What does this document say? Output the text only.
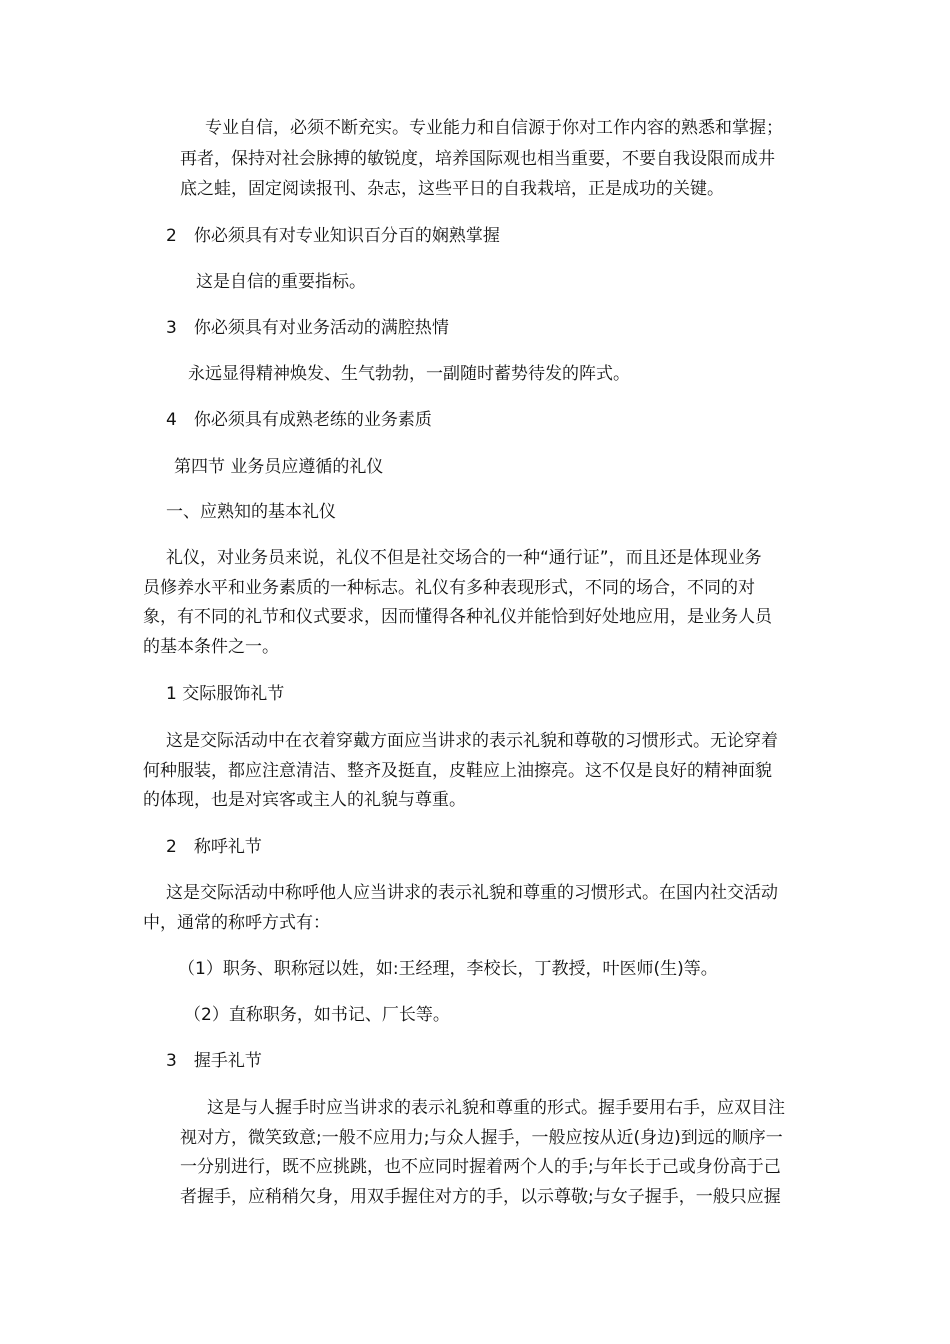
专业自信，必须不断充实。专业能力和自信源于你对工作内容的熟悉和掌握；
再者，保持对社会脉搏的敏锐度，培养国际观也相当重要，不要自我设限而成井
底之蛙，固定阅读报刊、杂志，这些平日的自我栽培，正是成功的关键。
2　你必须具有对专业知识百分百的娴熟掌握
这是自信的重要指标。
3　你必须具有对业务活动的满腔热情
永远显得精神焕发、生气勃勃，一副随时蓄势待发的阵式。
4　你必须具有成熟老练的业务素质
第四节 业务员应遵循的礼仪
一、应熟知的基本礼仪
礼仪，对业务员来说，礼仪不但是社交场合的一种“通行证”，而且还是体现业务
员修养水平和业务素质的一种标志。礼仪有多种表现形式，不同的场合，不同的对
象，有不同的礼节和仪式要求，因而懂得各种礼仪并能恰到好处地应用，是业务人员
的基本条件之一。
1 交际服饰礼节
这是交际活动中在衣着穿戴方面应当讲求的表示礼貌和尊敬的习惯形式。无论穿着
何种服装，都应注意清洁、整齐及挺直，皮鞋应上油擦亮。这不仅是良好的精神面貌
的体现，也是对宾客或主人的礼貌与尊重。
2　称呼礼节
这是交际活动中称呼他人应当讲求的表示礼貌和尊重的习惯形式。在国内社交活动
中，通常的称呼方式有：
（1）职务、职称冠以姓，如:王经理，李校长，丁教授，叶医师(生)等。
（2）直称职务，如书记、厂长等。
3　握手礼节
这是与人握手时应当讲求的表示礼貌和尊重的形式。握手要用右手，应双目注
视对方，微笑致意;一般不应用力;与众人握手，一般应按从近(身边)到远的顺序一
一分别进行，既不应挑跳，也不应同时握着两个人的手;与年长于己或身份高于己
者握手，应稍稍欠身，用双手握住对方的手，以示尊敬;与女子握手，一般只应握
